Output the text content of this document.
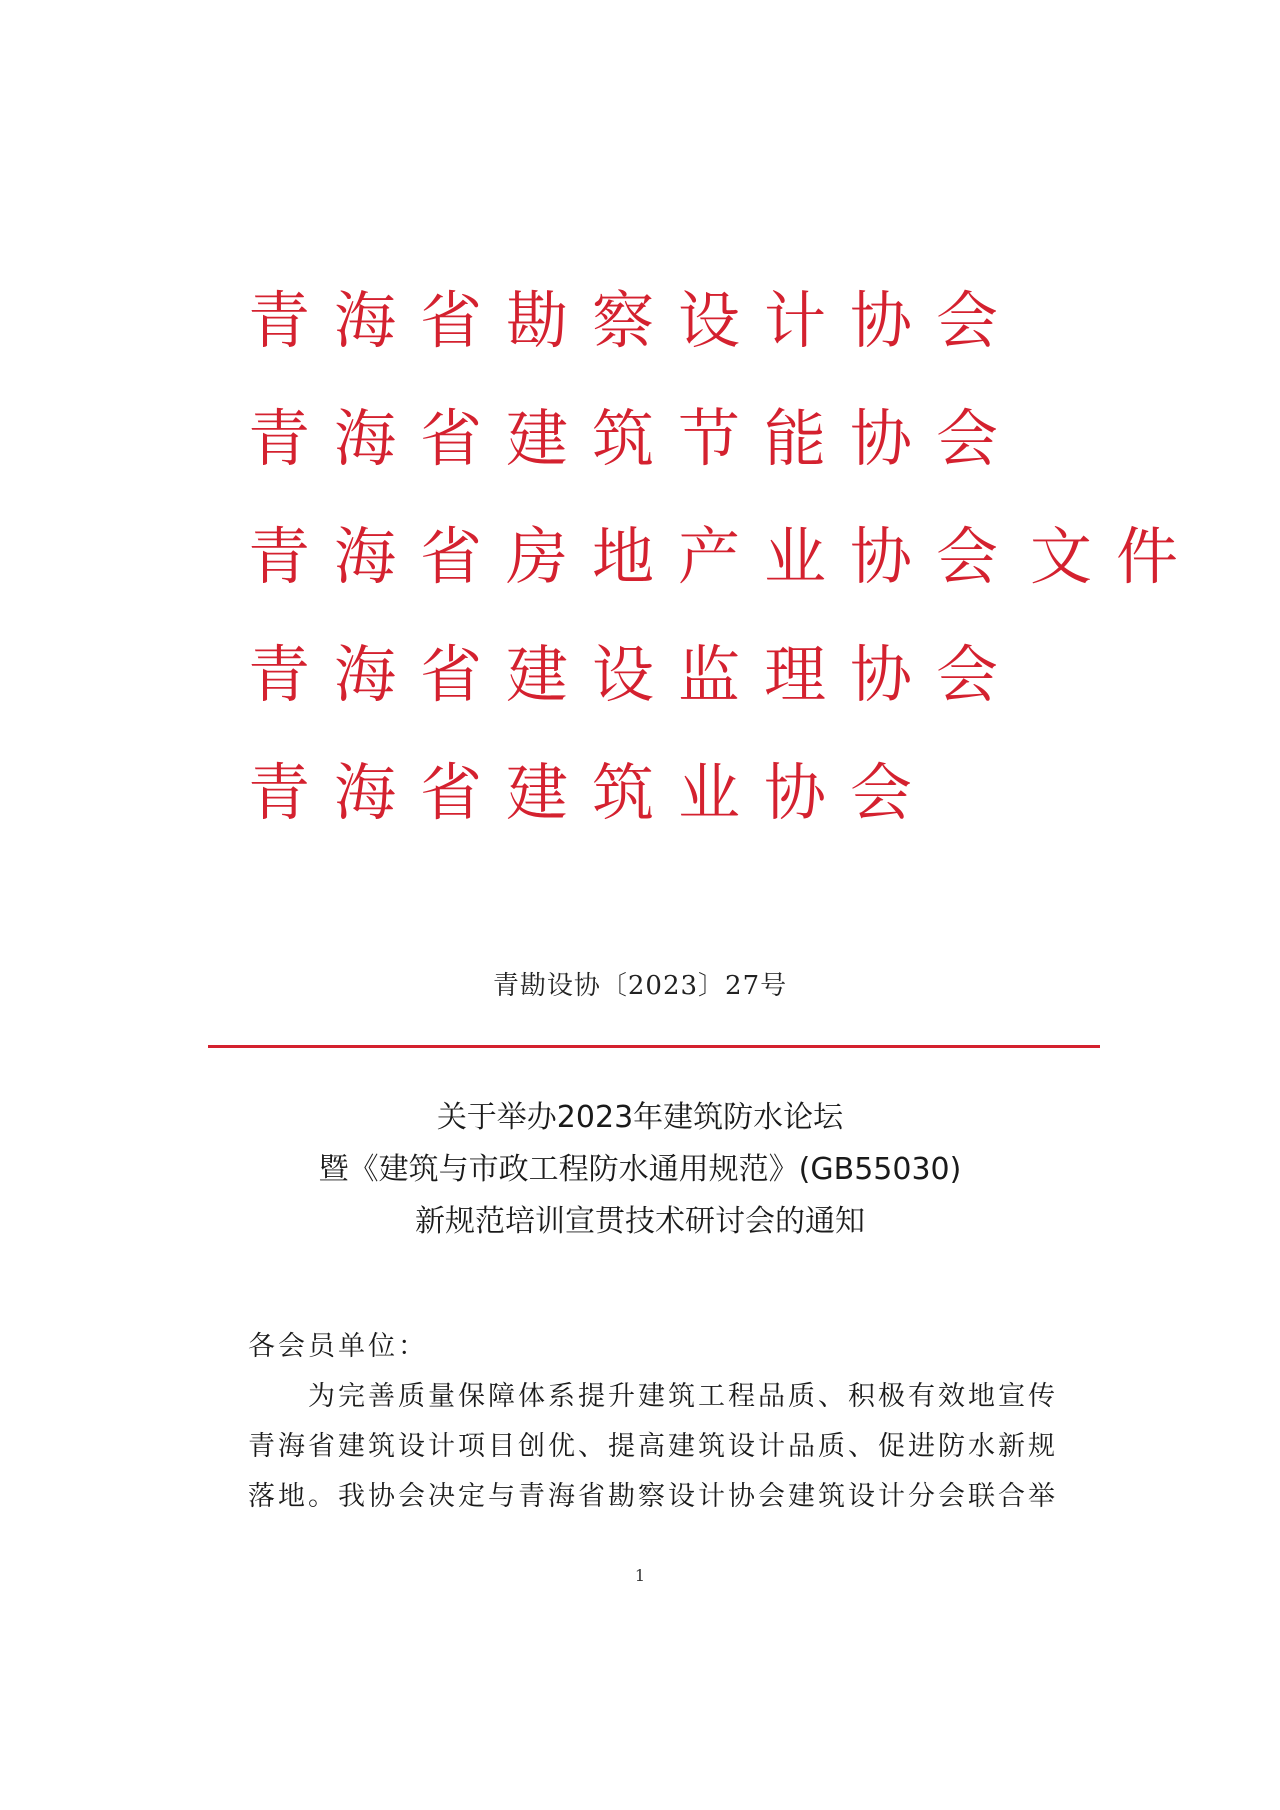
青海省勘察设计协会
青海省建筑节能协会
青海省房地产业协会 文件
青海省建设监理协会
青海省建筑业协会
青勘设协〔2023〕27号
关于举办2023年建筑防水论坛
暨《建筑与市政工程防水通用规范》(GB55030)
新规范培训宣贯技术研讨会的通知
各会员单位：
为完善质量保障体系提升建筑工程品质、积极有效地宣传
青海省建筑设计项目创优、提高建筑设计品质、促进防水新规
落地。我协会决定与青海省勘察设计协会建筑设计分会联合举
1
